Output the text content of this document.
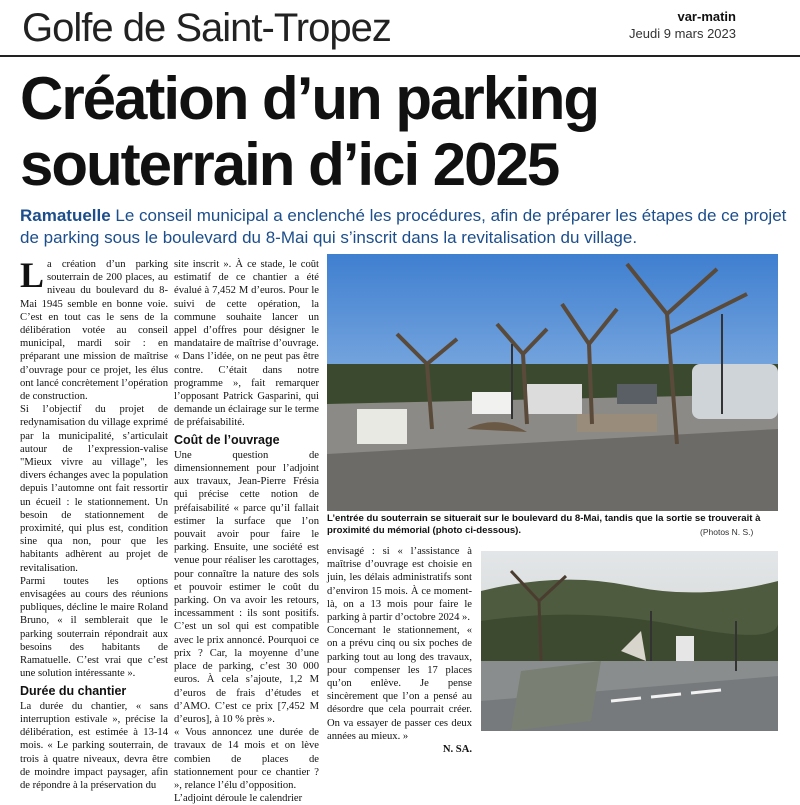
Golfe de Saint-Tropez	var-matin
Jeudi 9 mars 2023
Création d’un parking
souterrain d’ici 2025
Ramatuelle Le conseil municipal a enclenché les procédures, afin de préparer les étapes de ce projet de parking sous le boulevard du 8-Mai qui s’inscrit dans la revitalisation du village.

La création d’un parking souterrain de 200 places, au niveau du boulevard du 8-Mai 1945 semble en bonne voie. C’est en tout cas le sens de la délibération votée au conseil municipal, mardi soir : en préparant une mission de maîtrise d’ouvrage pour ce projet, les élus ont lancé concrètement l’opération de construction.

Si l’objectif du projet de redynamisation du village exprimé par la municipalité, s’articulait autour de l’expression-valise "Mieux vivre au village", les divers échanges avec la population depuis l’automne ont fait ressortir un écueil : le stationnement. Un besoin de stationnement de proximité, qui plus est, condition sine qua non, pour que les habitants adhèrent au projet de revitalisation.

Parmi toutes les options envisagées au cours des réunions publiques, décline le maire Roland Bruno, « il semblerait que le parking souterrain répondrait aux besoins des habitants de Ramatuelle. C’est vrai que c’est une solution intéressante ».

Durée du chantier

La durée du chantier, « sans interruption estivale », précise la délibération, est estimée à 13-14 mois. « Le parking souterrain, de trois à quatre niveaux, devra être de moindre impact paysager, afin de répondre à la préservation du

site inscrit ». À ce stade, le coût estimatif de ce chantier a été évalué à 7,452 M d’euros. Pour le suivi de cette opération, la commune souhaite lancer un appel d’offres pour désigner le mandataire de maîtrise d’ouvrage.

« Dans l’idée, on ne peut pas être contre. C’était dans notre programme », fait remarquer l’opposant Patrick Gasparini, qui demande un éclairage sur le terme de préfaisabilité.

Coût de l’ouvrage

Une question de dimensionnement pour l’adjoint aux travaux, Jean-Pierre Frésia qui précise cette notion de préfaisabilité « parce qu’il fallait estimer la surface que l’on pouvait avoir pour faire le parking. Ensuite, une société est venue pour réaliser les carottages, pour connaître la nature des sols et pouvoir estimer le coût du parking. On va avoir les retours, incessamment : ils sont positifs. C’est un sol qui est compatible avec le prix annoncé. Pourquoi ce prix ? Car, la moyenne d’une place de parking, c’est 30 000 euros. À cela s’ajoute, 1,2 M d’euros de frais d’études et d’AMO. C’est ce prix [7,452 M d’euros], à 10 % près ».

« Vous annoncez une durée de travaux de 14 mois et on lève combien de places de stationnement pour ce chantier ? », relance l’élu d’opposition.

L’adjoint déroule le calendrier

L’entrée du souterrain se situerait sur le boulevard du 8-Mai, tandis que la sortie se trouverait à proximité du mémorial (photo ci-dessous).	(Photos N. S.)

envisagé : si « l’assistance à maîtrise d’ouvrage est choisie en juin, les délais administratifs sont d’environ 15 mois. À ce moment-là, on a 13 mois pour faire le parking à partir d’octobre 2024 ».

Concernant le stationnement, « on a prévu cinq ou six poches de parking tout au long des travaux, pour compenser les 17 places qu’on enlève. Je pense sincèrement que l’on a pensé au désordre que cela pourrait créer. On va essayer de passer ces deux années au mieux. »

N. SA.
